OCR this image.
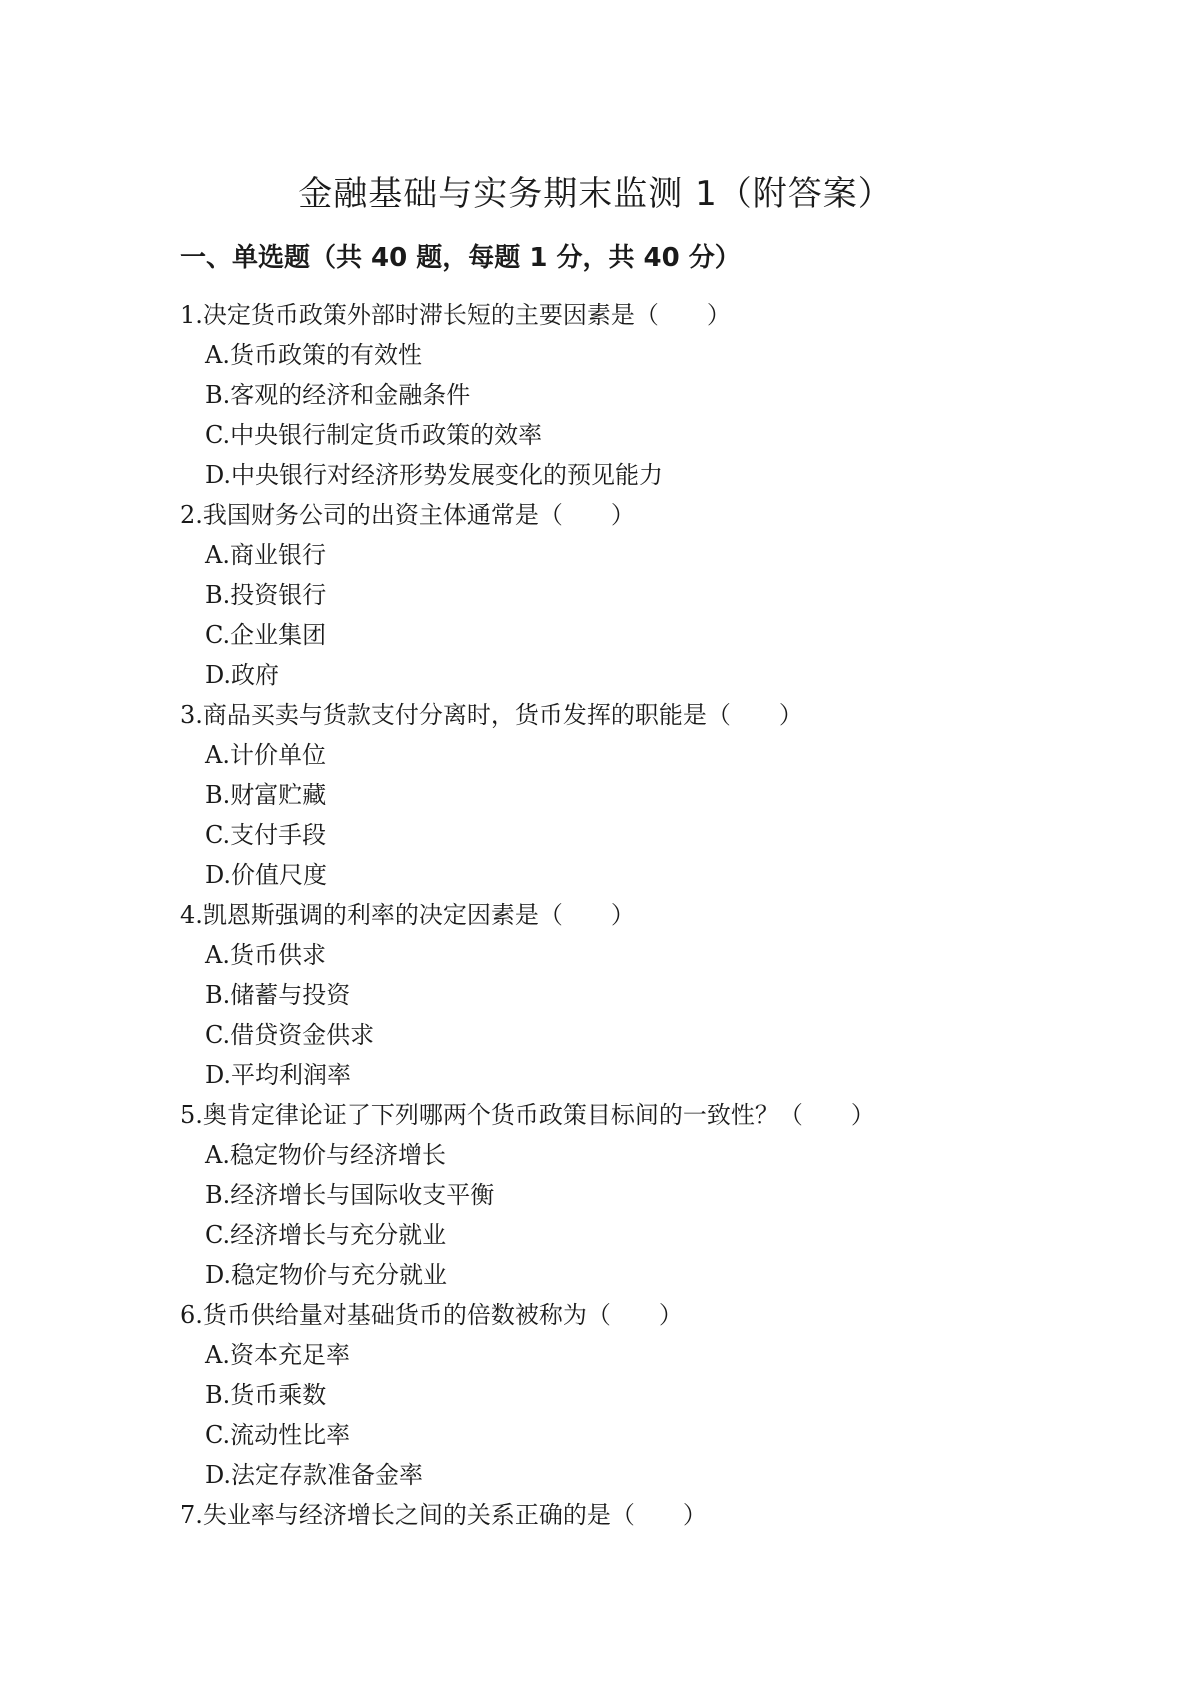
金融基础与实务期末监测 1（附答案）
一、单选题（共 40 题，每题 1 分，共 40 分）
1.决定货币政策外部时滞长短的主要因素是（　　）
A.货币政策的有效性
B.客观的经济和金融条件
C.中央银行制定货币政策的效率
D.中央银行对经济形势发展变化的预见能力
2.我国财务公司的出资主体通常是（　　）
A.商业银行
B.投资银行
C.企业集团
D.政府
3.商品买卖与货款支付分离时，货币发挥的职能是（　　）
A.计价单位
B.财富贮藏
C.支付手段
D.价值尺度
4.凯恩斯强调的利率的决定因素是（　　）
A.货币供求
B.储蓄与投资
C.借贷资金供求
D.平均利润率
5.奥肯定律论证了下列哪两个货币政策目标间的一致性？（　　）
A.稳定物价与经济增长
B.经济增长与国际收支平衡
C.经济增长与充分就业
D.稳定物价与充分就业
6.货币供给量对基础货币的倍数被称为（　　）
A.资本充足率
B.货币乘数
C.流动性比率
D.法定存款准备金率
7.失业率与经济增长之间的关系正确的是（　　）
